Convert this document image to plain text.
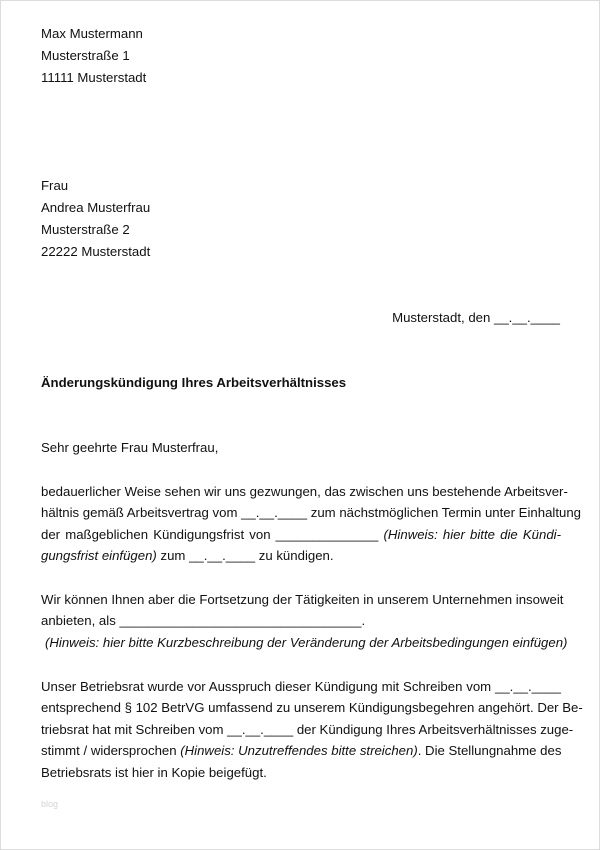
Max Mustermann
Musterstraße 1
11111 Musterstadt
Frau
Andrea Musterfrau
Musterstraße 2
22222 Musterstadt
Musterstadt, den __.__.____
Änderungskündigung Ihres Arbeitsverhältnisses
Sehr geehrte Frau Musterfrau,
bedauerlicher Weise sehen wir uns gezwungen, das zwischen uns bestehende Arbeitsver-
hältnis gemäß Arbeitsvertrag vom __.__.____ zum nächstmöglichen Termin unter Einhaltung
der maßgeblichen Kündigungsfrist von ______________ (Hinweis: hier bitte die Kündi-
gungsfrist einfügen) zum __.__.____ zu kündigen.
Wir können Ihnen aber die Fortsetzung der Tätigkeiten in unserem Unternehmen insoweit
anbieten, als _________________________________.
(Hinweis: hier bitte Kurzbeschreibung der Veränderung der Arbeitsbedingungen einfügen)
Unser Betriebsrat wurde vor Ausspruch dieser Kündigung mit Schreiben vom __.__.____
entsprechend § 102 BetrVG umfassend zu unserem Kündigungsbegehren angehört. Der Be-
triebsrat hat mit Schreiben vom __.__.____ der Kündigung Ihres Arbeitsverhältnisses zuge-
stimmt / widersprochen (Hinweis: Unzutreffendes bitte streichen). Die Stellungnahme des
Betriebsrats ist hier in Kopie beigefügt.
blog
